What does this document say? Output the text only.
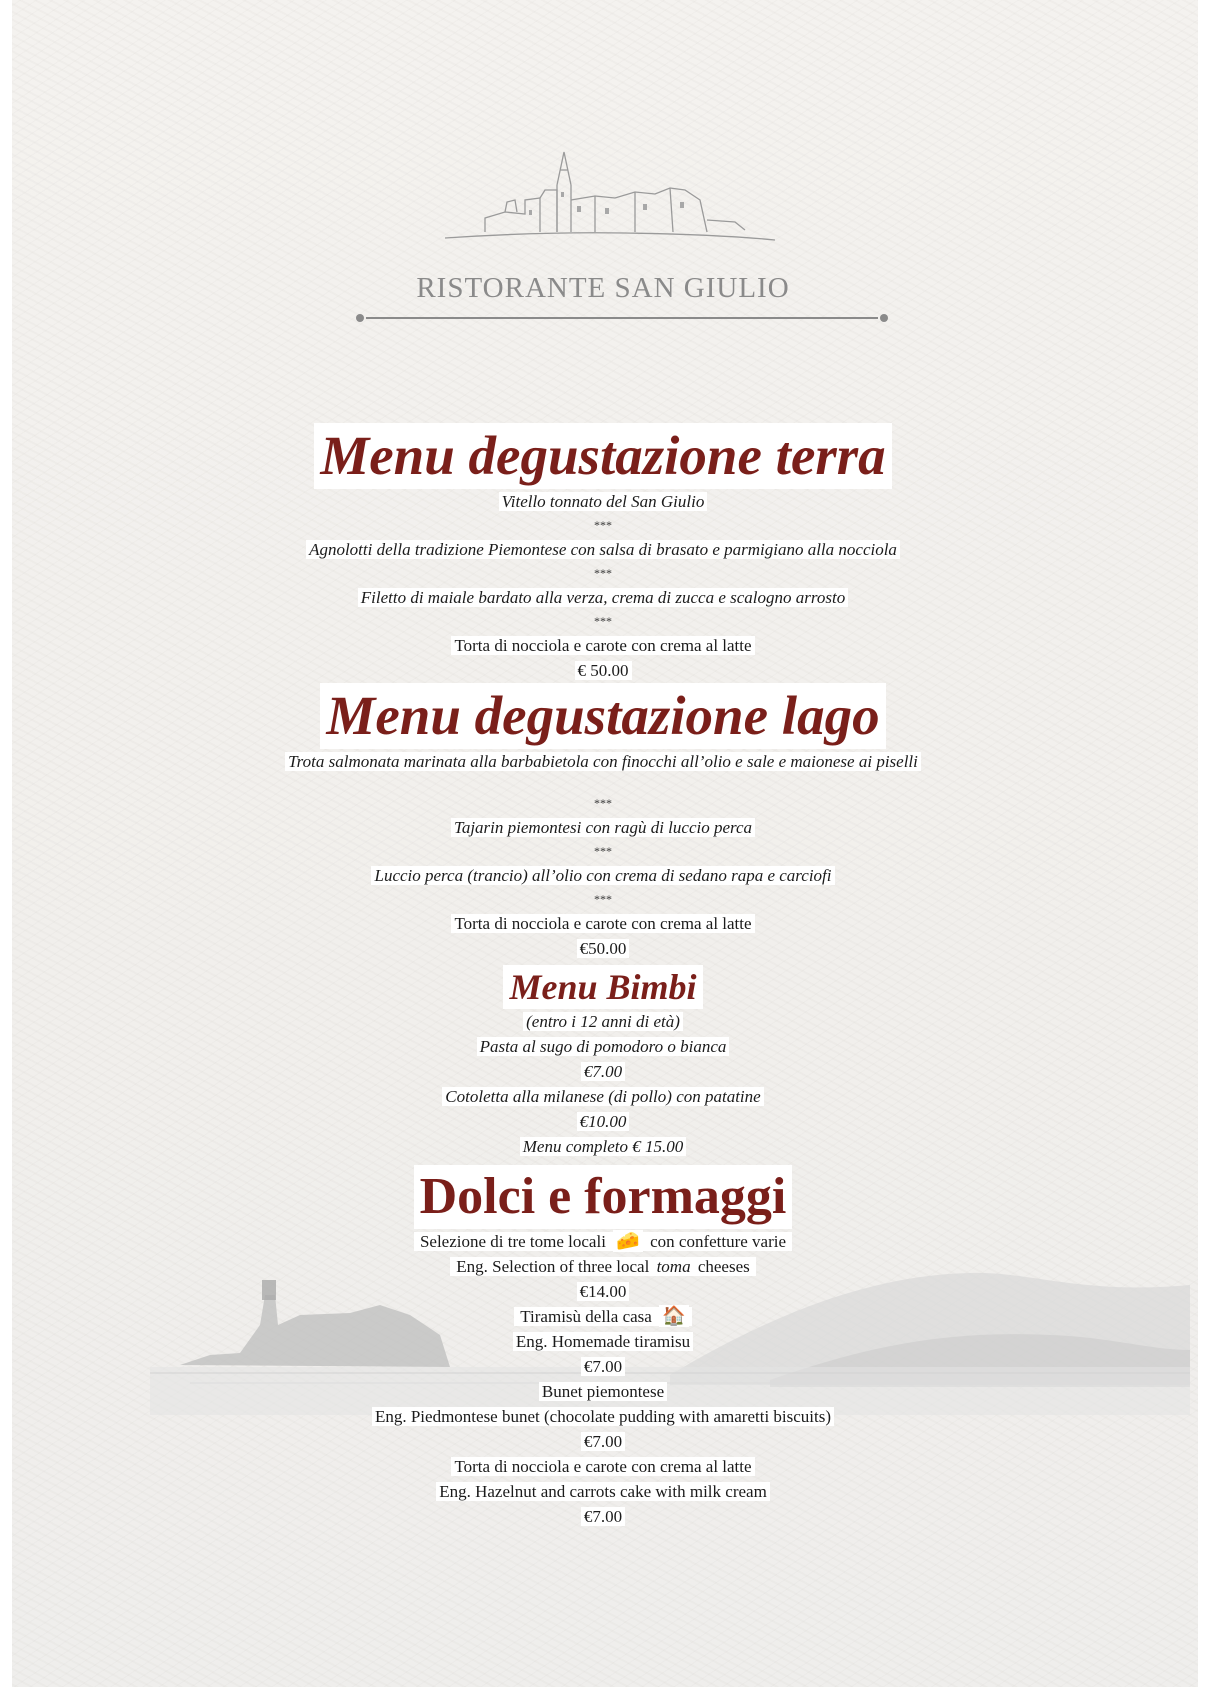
RISTORANTE SAN GIULIO
Menu degustazione terra

Vitello tonnato del San Giulio

***

Agnolotti della tradizione Piemontese con salsa di brasato e parmigiano alla nocciola

***

Filetto di maiale bardato alla verza, crema di zucca e scalogno arrosto

***

Torta di nocciola e carote con crema al latte

€ 50.00

Menu degustazione lago

Trota salmonata marinata alla barbabietola con finocchi all’olio e sale e maionese ai piselli

***

Tajarin piemontesi con ragù di luccio perca

***

Luccio perca (trancio) all’olio con crema di sedano rapa e carciofi

***

Torta di nocciola e carote con crema al latte

€50.00

Menu Bimbi

(entro i 12 anni di età)

Pasta al sugo di pomodoro o bianca

€7.00

Cotoletta alla milanese (di pollo) con patatine

€10.00

Menu completo € 15.00

Dolci e formaggi

Selezione di tre tome locali 🧀 con confetture varie

Eng. Selection of three local toma cheeses

€14.00

Tiramisù della casa 🏠

Eng. Homemade tiramisu

€7.00

Bunet piemontese

Eng. Piedmontese bunet (chocolate pudding with amaretti biscuits)

€7.00

Torta di nocciola e carote con crema al latte

Eng. Hazelnut and carrots cake with milk cream

€7.00
